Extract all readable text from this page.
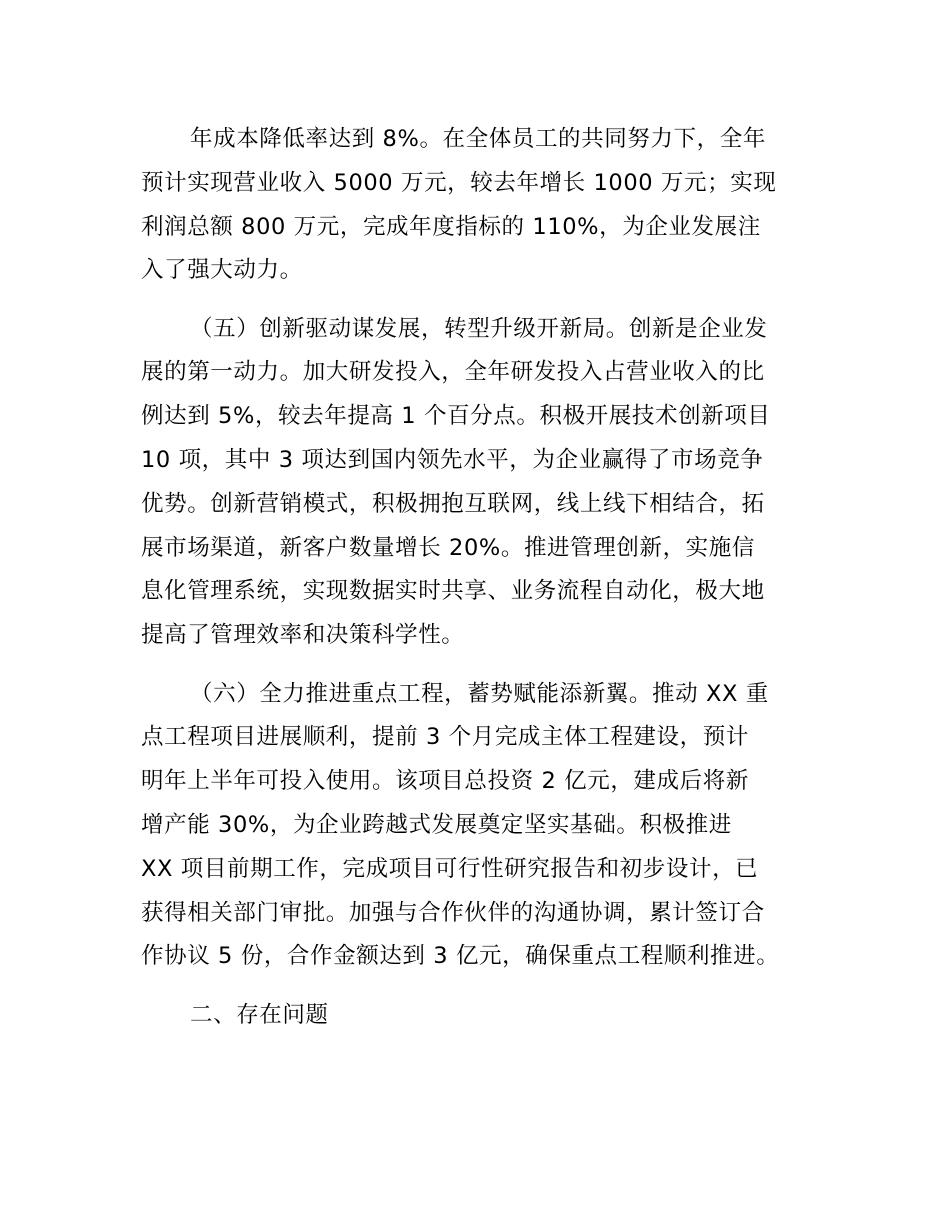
年成本降低率达到 8%。在全体员工的共同努力下，全年
预计实现营业收入 5000 万元，较去年增长 1000 万元；实现
利润总额 800 万元，完成年度指标的 110%，为企业发展注
入了强大动力。
（五）创新驱动谋发展，转型升级开新局。创新是企业发
展的第一动力。加大研发投入，全年研发投入占营业收入的比
例达到 5%，较去年提高 1 个百分点。积极开展技术创新项目
10 项，其中 3 项达到国内领先水平，为企业赢得了市场竞争
优势。创新营销模式，积极拥抱互联网，线上线下相结合，拓
展市场渠道，新客户数量增长 20%。推进管理创新，实施信
息化管理系统，实现数据实时共享、业务流程自动化，极大地
提高了管理效率和决策科学性。
（六）全力推进重点工程，蓄势赋能添新翼。推动 XX 重
点工程项目进展顺利，提前 3 个月完成主体工程建设，预计
明年上半年可投入使用。该项目总投资 2 亿元，建成后将新
增产能 30%，为企业跨越式发展奠定坚实基础。积极推进
XX 项目前期工作，完成项目可行性研究报告和初步设计，已
获得相关部门审批。加强与合作伙伴的沟通协调，累计签订合
作协议 5 份，合作金额达到 3 亿元，确保重点工程顺利推进。
二、存在问题
